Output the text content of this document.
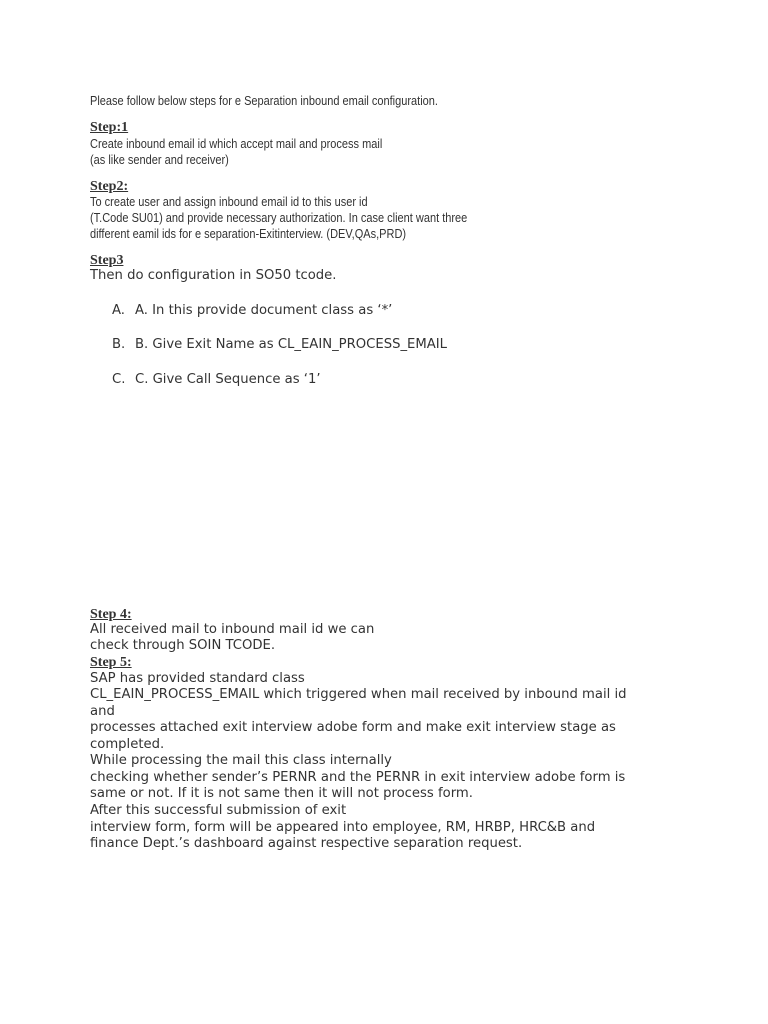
Please follow below steps for e Separation inbound email configuration.
Step:1
Create inbound email id which accept mail and process mail
(as like sender and receiver)
Step2:
To create user and assign inbound email id to this user id
(T.Code SU01) and provide necessary authorization. In case client want three
different eamil ids for e separation-Exitinterview. (DEV,QAs,PRD)
Step3
Then do configuration in SO50 tcode.
A. A. In this provide document class as ‘*’
B. B. Give Exit Name as CL_EAIN_PROCESS_EMAIL
C. C. Give Call Sequence as ‘1’
Step 4:
All received mail to inbound mail id we can
check through SOIN TCODE.
Step 5:
SAP has provided standard class
CL_EAIN_PROCESS_EMAIL which triggered when mail received by inbound mail id
and
processes attached exit interview adobe form and make exit interview stage as
completed.
While processing the mail this class internally
checking whether sender’s PERNR and the PERNR in exit interview adobe form is
same or not. If it is not same then it will not process form.
After this successful submission of exit
interview form, form will be appeared into employee, RM, HRBP, HRC&B and
finance Dept.’s dashboard against respective separation request.
